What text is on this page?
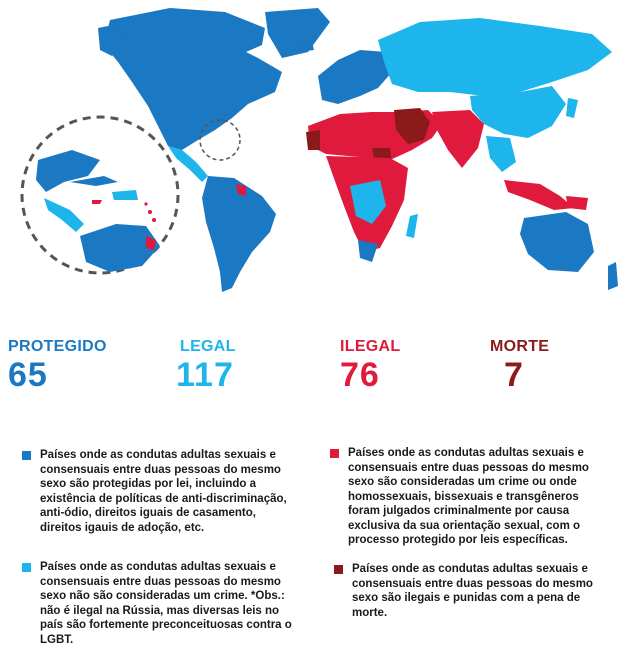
PROTEGIDO
65
LEGAL
117
ILEGAL
76
MORTE
7
Países onde as condutas adultas sexuais e consensuais entre duas pessoas do mesmo sexo são protegidas por lei, incluindo a existência de políticas de anti-discriminação, anti-ódio, direitos iguais de casamento, direitos igauis de adoção, etc.
Países onde as condutas adultas sexuais e consensuais entre duas pessoas do mesmo sexo não são consideradas um crime. *Obs.: não é ilegal na Rússia, mas diversas leis no país são fortemente preconceituosas contra o LGBT.
Países onde as condutas adultas sexuais e consensuais entre duas pessoas do mesmo sexo são consideradas um crime ou onde homossexuais, bissexuais e transgêneros foram julgados criminalmente por causa exclusiva da sua orientação sexual, com o processo protegido por leis específicas.
Países onde as condutas adultas sexuais e consensuais entre duas pessoas do mesmo sexo são ilegais e punidas com a pena de morte.
